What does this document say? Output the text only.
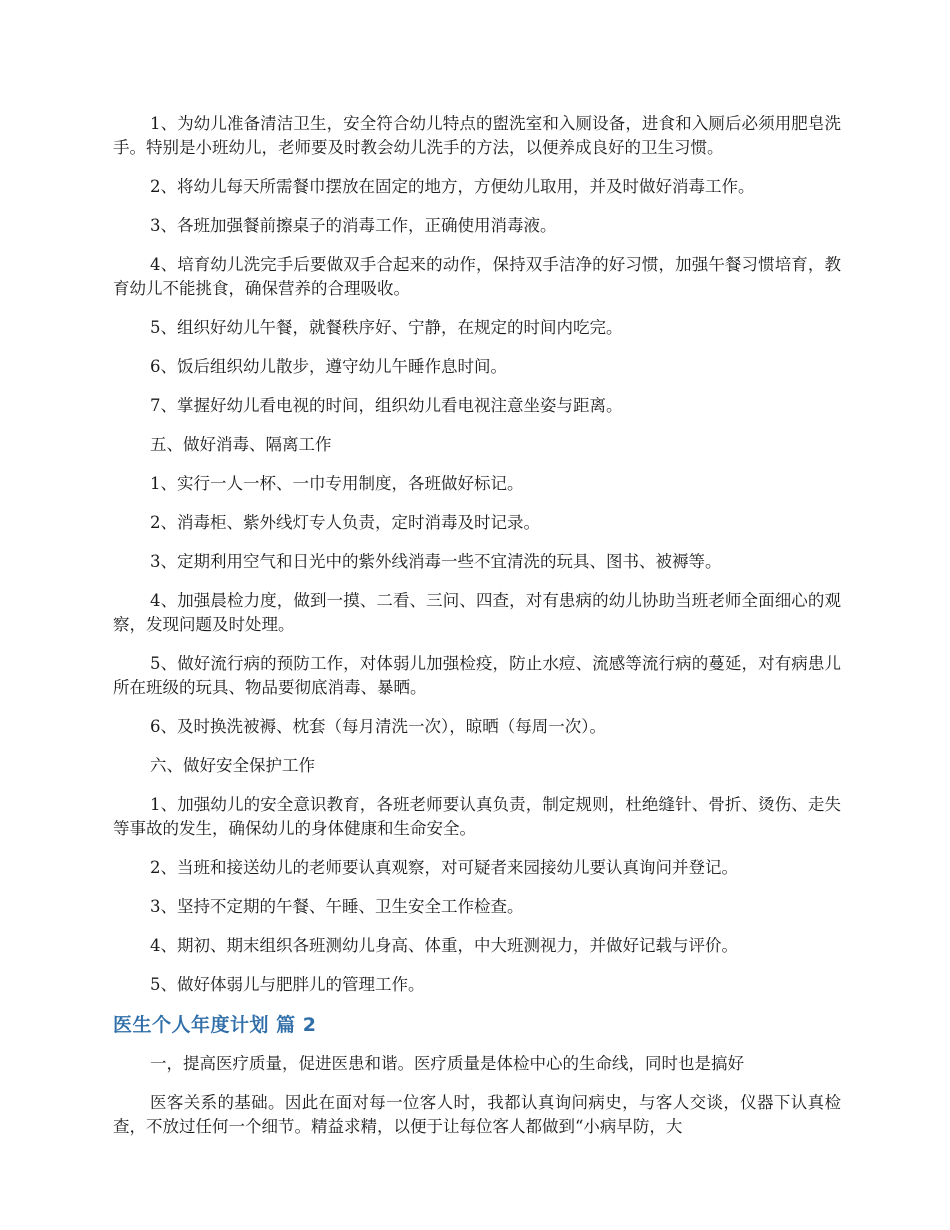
1、为幼儿准备清洁卫生，安全符合幼儿特点的盥洗室和入厕设备，进食和入厕后必须用肥皂洗手。特别是小班幼儿，老师要及时教会幼儿洗手的方法，以便养成良好的卫生习惯。

2、将幼儿每天所需餐巾摆放在固定的地方，方便幼儿取用，并及时做好消毒工作。

3、各班加强餐前擦桌子的消毒工作，正确使用消毒液。

4、培育幼儿洗完手后要做双手合起来的动作，保持双手洁净的好习惯，加强午餐习惯培育，教育幼儿不能挑食，确保营养的合理吸收。

5、组织好幼儿午餐，就餐秩序好、宁静，在规定的时间内吃完。

6、饭后组织幼儿散步，遵守幼儿午睡作息时间。

7、掌握好幼儿看电视的时间，组织幼儿看电视注意坐姿与距离。

五、做好消毒、隔离工作

1、实行一人一杯、一巾专用制度，各班做好标记。

2、消毒柜、紫外线灯专人负责，定时消毒及时记录。

3、定期利用空气和日光中的紫外线消毒一些不宜清洗的玩具、图书、被褥等。

4、加强晨检力度，做到一摸、二看、三问、四查，对有患病的幼儿协助当班老师全面细心的观察，发现问题及时处理。

5、做好流行病的预防工作，对体弱儿加强检疫，防止水痘、流感等流行病的蔓延，对有病患儿所在班级的玩具、物品要彻底消毒、暴晒。

6、及时换洗被褥、枕套（每月清洗一次），晾晒（每周一次）。

六、做好安全保护工作

1、加强幼儿的安全意识教育，各班老师要认真负责，制定规则，杜绝缝针、骨折、烫伤、走失等事故的发生，确保幼儿的身体健康和生命安全。

2、当班和接送幼儿的老师要认真观察，对可疑者来园接幼儿要认真询问并登记。

3、坚持不定期的午餐、午睡、卫生安全工作检查。

4、期初、期末组织各班测幼儿身高、体重，中大班测视力，并做好记载与评价。

5、做好体弱儿与肥胖儿的管理工作。

医生个人年度计划 篇 2

一，提高医疗质量，促进医患和谐。医疗质量是体检中心的生命线，同时也是搞好

医客关系的基础。因此在面对每一位客人时，我都认真询问病史，与客人交谈，仪器下认真检查，不放过任何一个细节。精益求精，以便于让每位客人都做到“小病早防，大
